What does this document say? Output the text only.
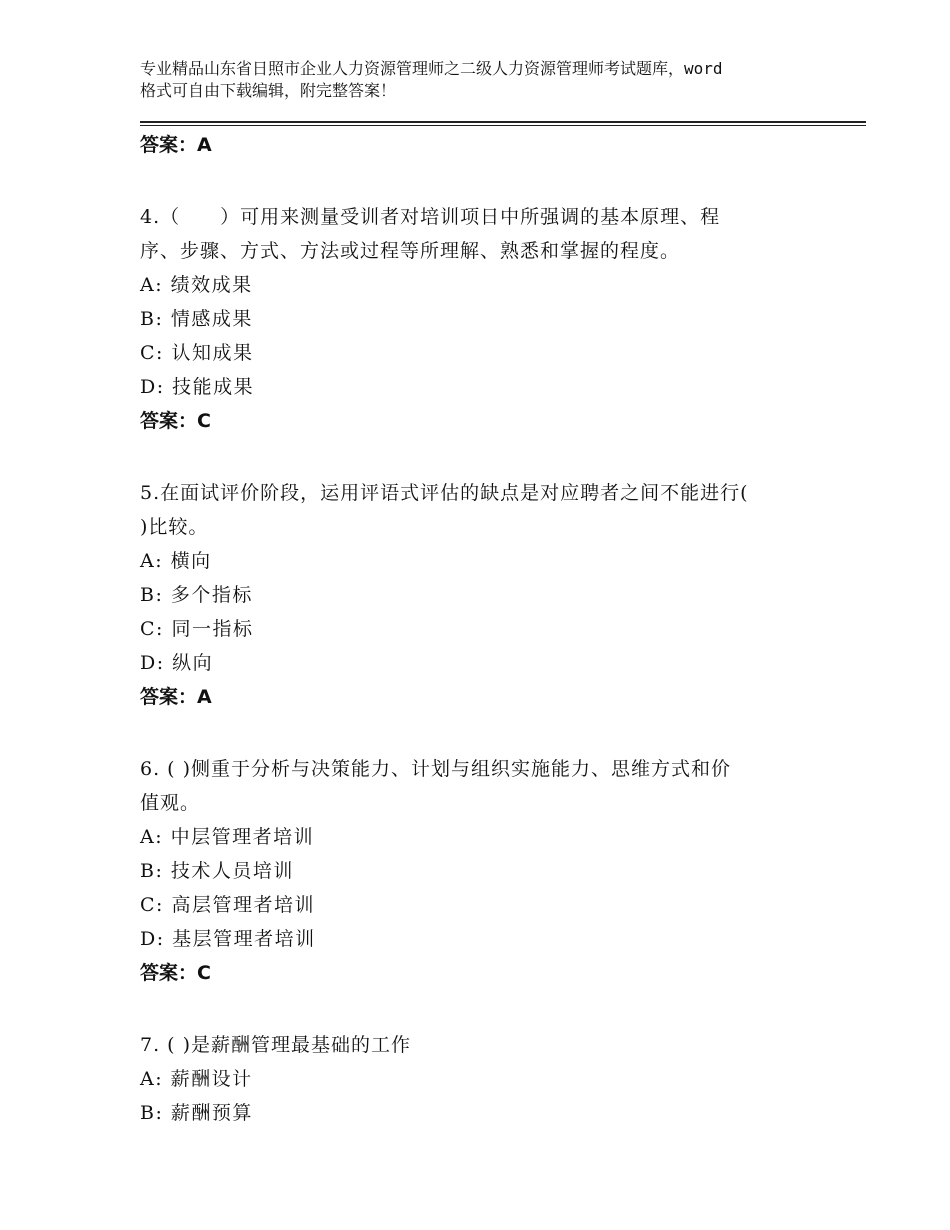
专业精品山东省日照市企业人力资源管理师之二级人力资源管理师考试题库，word
格式可自由下载编辑，附完整答案！
答案：A
4.（　　）可用来测量受训者对培训项日中所强调的基本原理、程
序、步骤、方式、方法或过程等所理解、熟悉和掌握的程度。
A: 绩效成果
B: 情感成果
C: 认知成果
D: 技能成果
答案：C
5.在面试评价阶段，运用评语式评估的缺点是对应聘者之间不能进行(
)比较。
A: 横向
B: 多个指标
C: 同一指标
D: 纵向
答案：A
6. ( )侧重于分析与决策能力、计划与组织实施能力、思维方式和价
值观。
A: 中层管理者培训
B: 技术人员培训
C: 高层管理者培训
D: 基层管理者培训
答案：C
7. ( )是薪酬管理最基础的工作
A: 薪酬设计
B: 薪酬预算
